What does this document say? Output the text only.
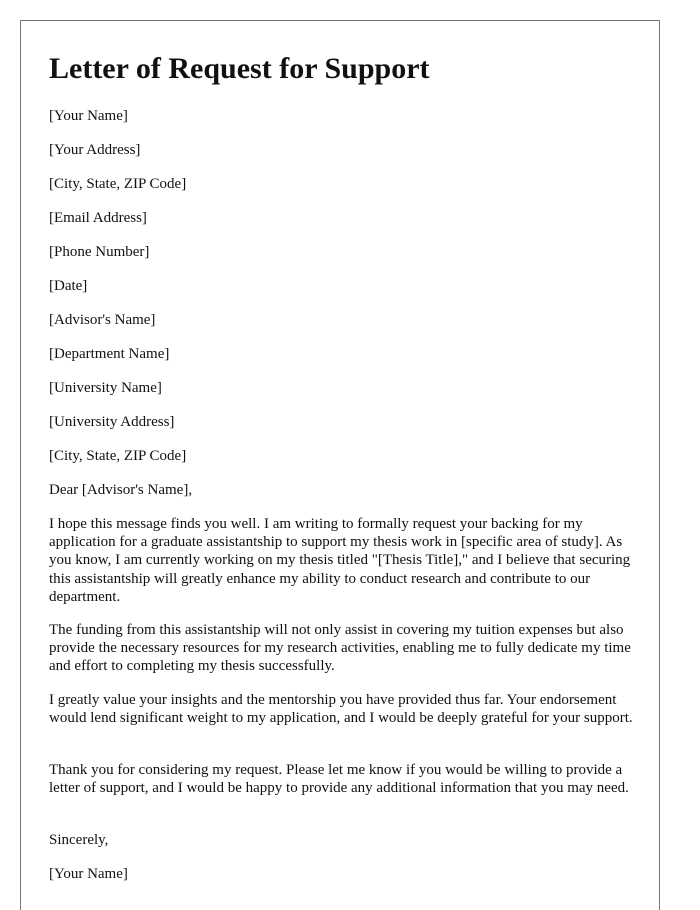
Letter of Request for Support

[Your Name]

[Your Address]

[City, State, ZIP Code]

[Email Address]

[Phone Number]

[Date]

[Advisor's Name]

[Department Name]

[University Name]

[University Address]

[City, State, ZIP Code]

Dear [Advisor's Name],

I hope this message finds you well. I am writing to formally request your backing for my application for a graduate assistantship to support my thesis work in [specific area of study]. As you know, I am currently working on my thesis titled "[Thesis Title]," and I believe that securing this assistantship will greatly enhance my ability to conduct research and contribute to our department.

The funding from this assistantship will not only assist in covering my tuition expenses but also provide the necessary resources for my research activities, enabling me to fully dedicate my time and effort to completing my thesis successfully.

I greatly value your insights and the mentorship you have provided thus far. Your endorsement would lend significant weight to my application, and I would be deeply grateful for your support.

Thank you for considering my request. Please let me know if you would be willing to provide a letter of support, and I would be happy to provide any additional information that you may need.

Sincerely,

[Your Name]
